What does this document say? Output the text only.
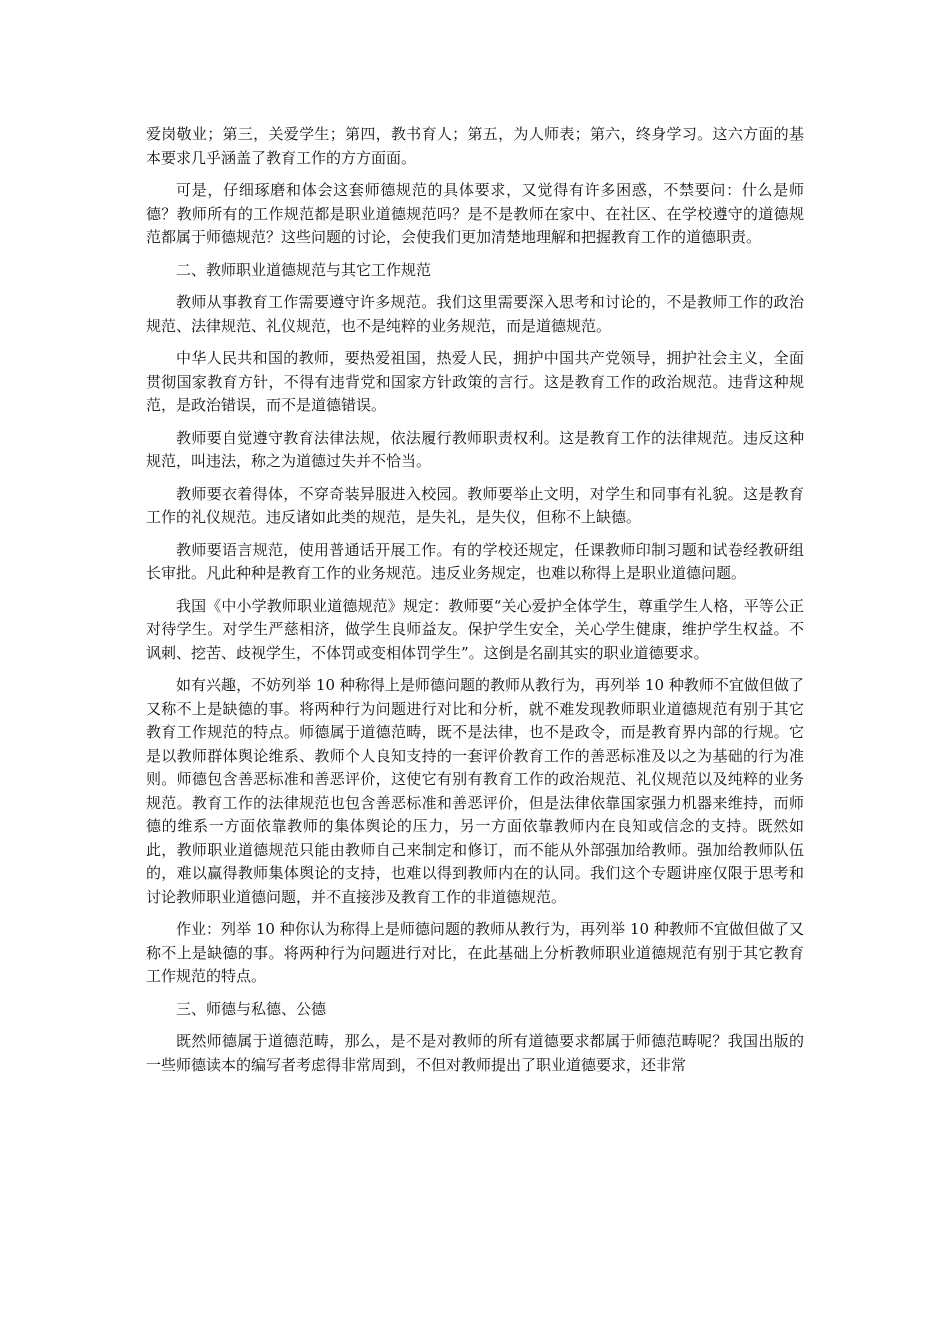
爱岗敬业；第三，关爱学生；第四，教书育人；第五，为人师表；第六，终身学习。这六方面的基本要求几乎涵盖了教育工作的方方面面。

可是，仔细琢磨和体会这套师德规范的具体要求，又觉得有许多困惑，不禁要问：什么是师德？教师所有的工作规范都是职业道德规范吗？是不是教师在家中、在社区、在学校遵守的道德规范都属于师德规范？这些问题的讨论，会使我们更加清楚地理解和把握教育工作的道德职责。

二、教师职业道德规范与其它工作规范

教师从事教育工作需要遵守许多规范。我们这里需要深入思考和讨论的，不是教师工作的政治规范、法律规范、礼仪规范，也不是纯粹的业务规范，而是道德规范。

中华人民共和国的教师，要热爱祖国，热爱人民，拥护中国共产党领导，拥护社会主义，全面贯彻国家教育方针，不得有违背党和国家方针政策的言行。这是教育工作的政治规范。违背这种规范，是政治错误，而不是道德错误。

教师要自觉遵守教育法律法规，依法履行教师职责权利。这是教育工作的法律规范。违反这种规范，叫违法，称之为道德过失并不恰当。

教师要衣着得体，不穿奇装异服进入校园。教师要举止文明，对学生和同事有礼貌。这是教育工作的礼仪规范。违反诸如此类的规范，是失礼，是失仪，但称不上缺德。

教师要语言规范，使用普通话开展工作。有的学校还规定，任课教师印制习题和试卷经教研组长审批。凡此种种是教育工作的业务规范。违反业务规定，也难以称得上是职业道德问题。

我国《中小学教师职业道德规范》规定：教师要“关心爱护全体学生，尊重学生人格，平等公正对待学生。对学生严慈相济，做学生良师益友。保护学生安全，关心学生健康，维护学生权益。不讽刺、挖苦、歧视学生，不体罚或变相体罚学生”。这倒是名副其实的职业道德要求。

如有兴趣，不妨列举 10 种称得上是师德问题的教师从教行为，再列举 10 种教师不宜做但做了又称不上是缺德的事。将两种行为问题进行对比和分析，就不难发现教师职业道德规范有别于其它教育工作规范的特点。师德属于道德范畴，既不是法律，也不是政令，而是教育界内部的行规。它是以教师群体舆论维系、教师个人良知支持的一套评价教育工作的善恶标准及以之为基础的行为准则。师德包含善恶标准和善恶评价，这使它有别有教育工作的政治规范、礼仪规范以及纯粹的业务规范。教育工作的法律规范也包含善恶标准和善恶评价，但是法律依靠国家强力机器来维持，而师德的维系一方面依靠教师的集体舆论的压力，另一方面依靠教师内在良知或信念的支持。既然如此，教师职业道德规范只能由教师自己来制定和修订，而不能从外部强加给教师。强加给教师队伍的，难以赢得教师集体舆论的支持，也难以得到教师内在的认同。我们这个专题讲座仅限于思考和讨论教师职业道德问题，并不直接涉及教育工作的非道德规范。

作业：列举 10 种你认为称得上是师德问题的教师从教行为，再列举 10 种教师不宜做但做了又称不上是缺德的事。将两种行为问题进行对比，在此基础上分析教师职业道德规范有别于其它教育工作规范的特点。

三、师德与私德、公德

既然师德属于道德范畴，那么，是不是对教师的所有道德要求都属于师德范畴呢？我国出版的一些师德读本的编写者考虑得非常周到，不但对教师提出了职业道德要求，还非常
